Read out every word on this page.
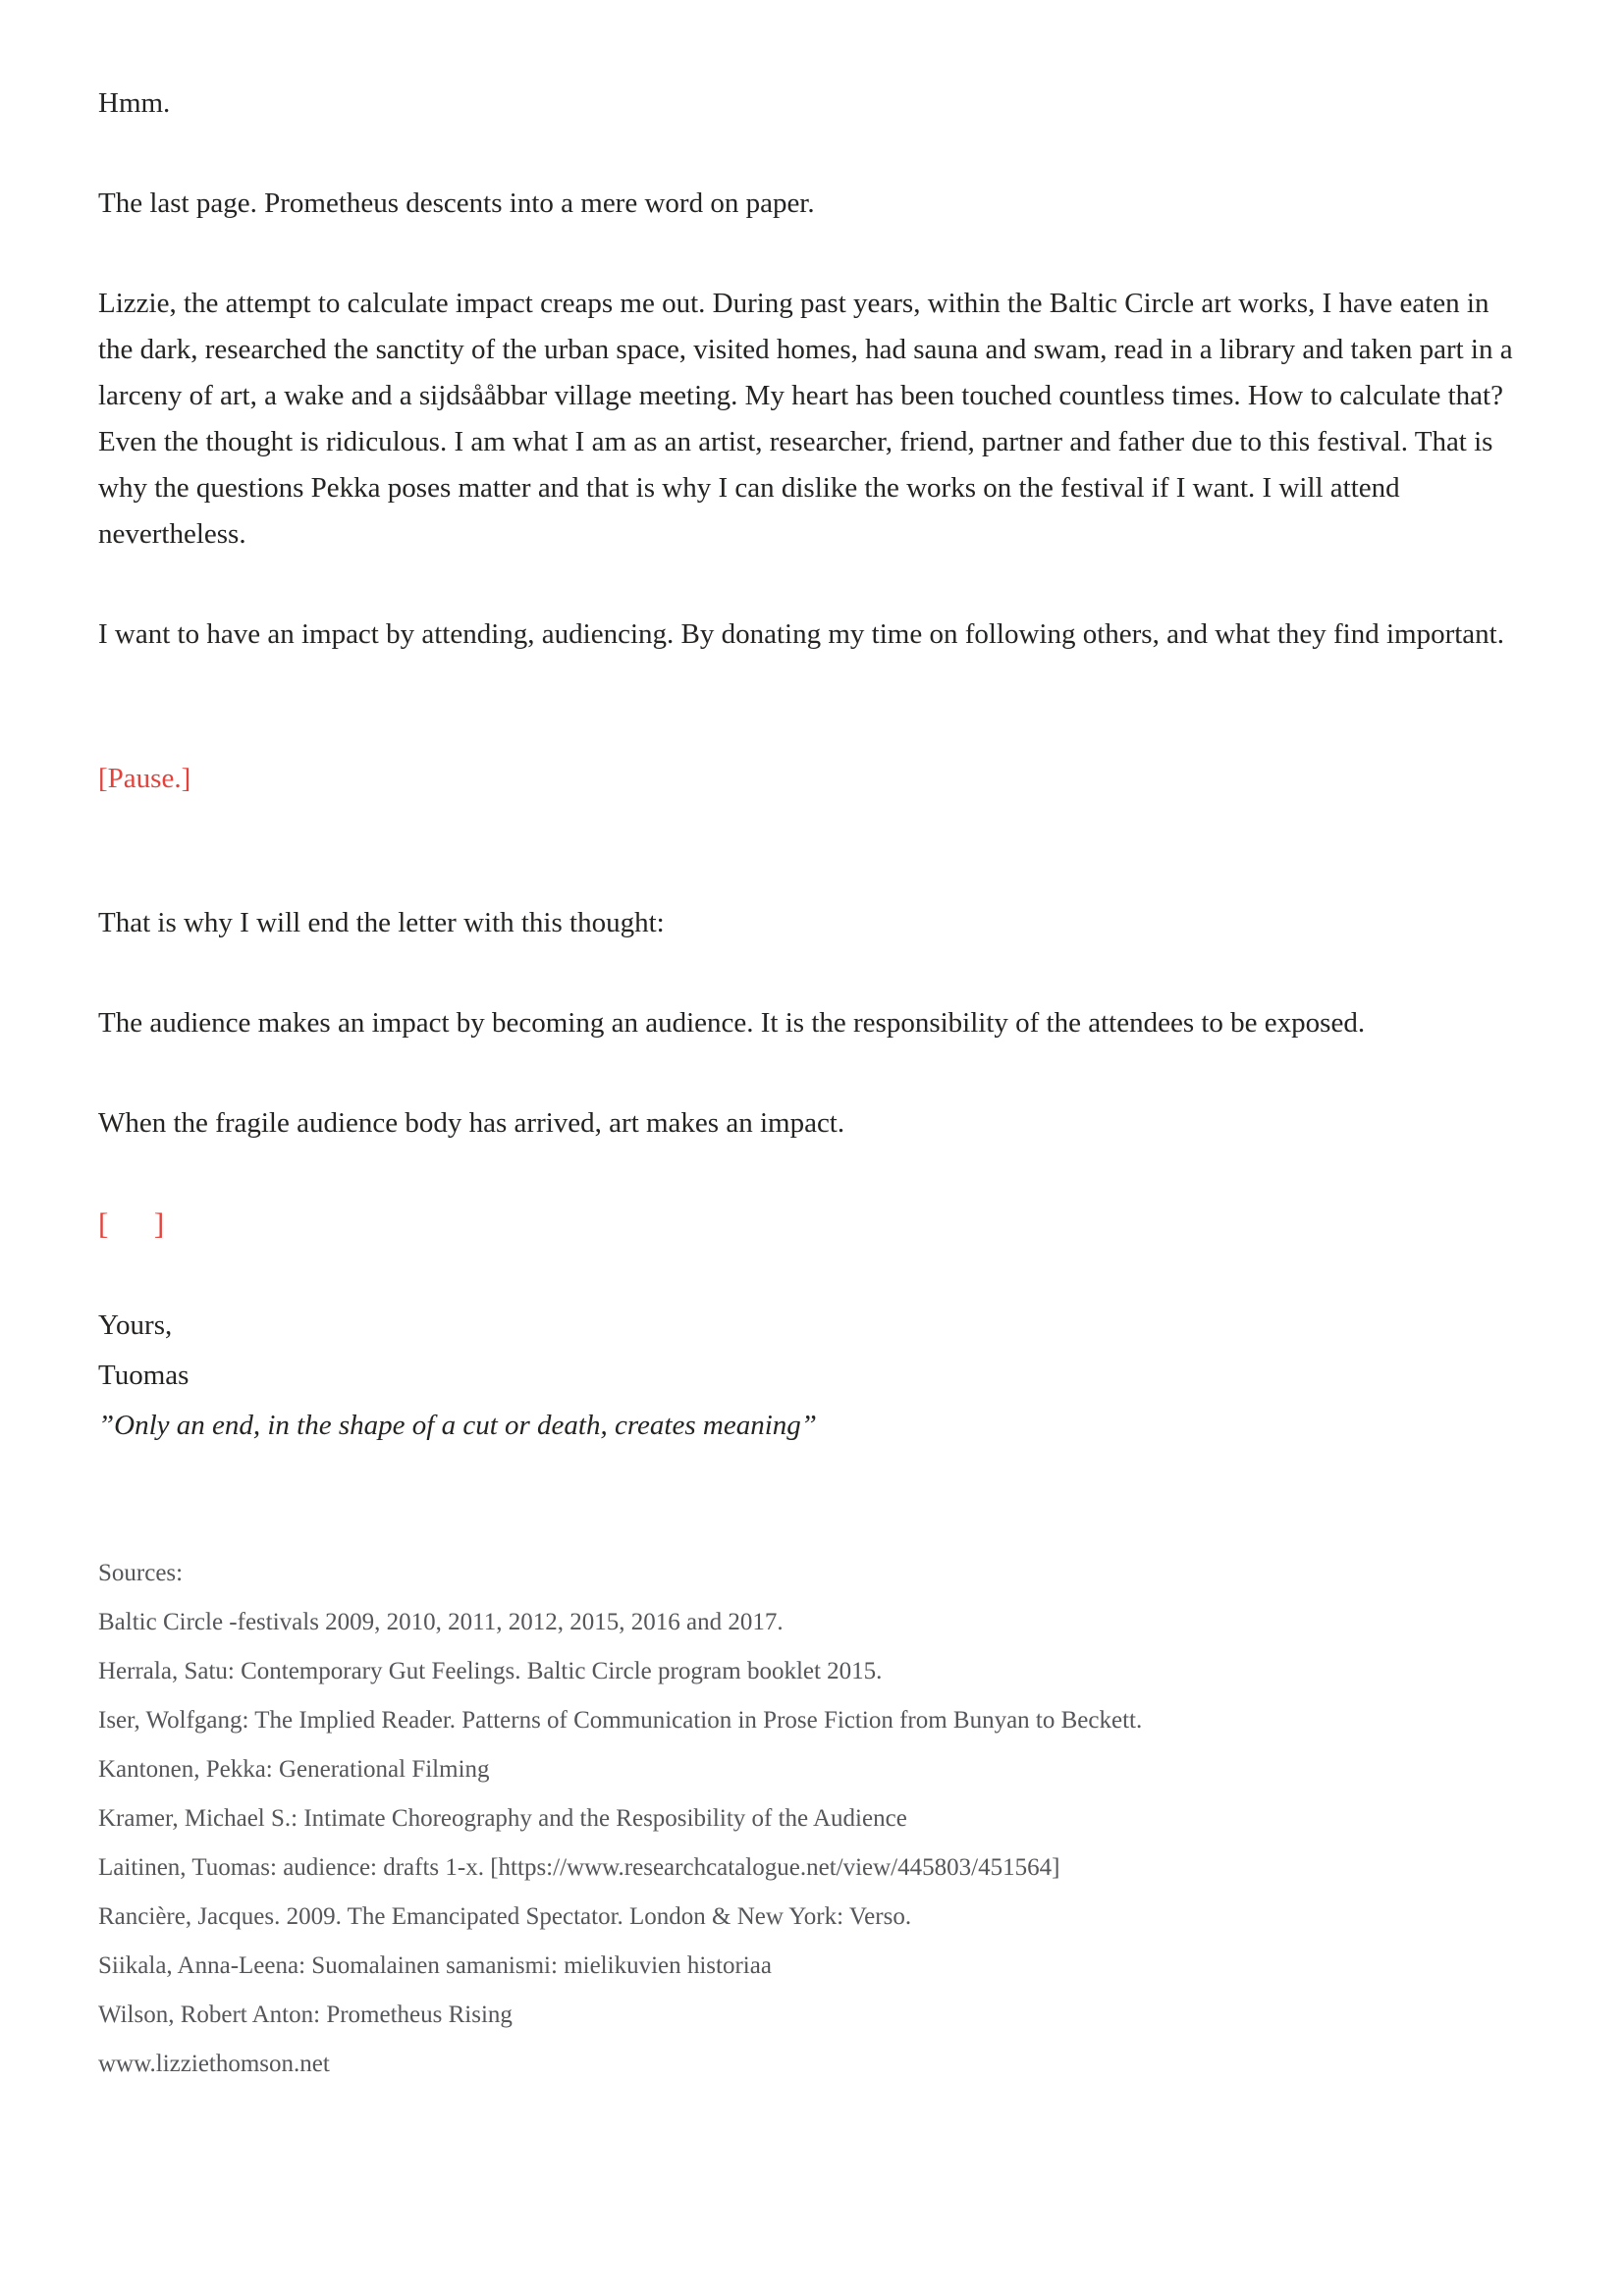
Hmm.

The last page. Prometheus descents into a mere word on paper.

Lizzie, the attempt to calculate impact creaps me out. During past years, within the Baltic Circle art works, I have eaten in the dark, researched the sanctity of the urban space, visited homes, had sauna and swam, read in a library and taken part in a larceny of art, a wake and a sijdsååbbar village meeting. My heart has been touched countless times. How to calculate that? Even the thought is ridiculous. I am what I am as an artist, researcher, friend, partner and father due to this festival. That is why the questions Pekka poses matter and that is why I can dislike the works on the festival if I want. I will attend nevertheless.

I want to have an impact by attending, audiencing. By donating my time on following others, and what they find important.

[Pause.]

That is why I will end the letter with this thought:

The audience makes an impact by becoming an audience. It is the responsibility of the attendees to be exposed.

When the fragile audience body has arrived, art makes an impact.

[      ]

Yours,
Tuomas
”Only an end, in the shape of a cut or death, creates meaning”
Sources:
Baltic Circle -festivals 2009, 2010, 2011, 2012, 2015, 2016 and 2017.
Herrala, Satu: Contemporary Gut Feelings. Baltic Circle program booklet 2015.
Iser, Wolfgang: The Implied Reader. Patterns of Communication in Prose Fiction from Bunyan to Beckett.
Kantonen, Pekka: Generational Filming
Kramer, Michael S.: Intimate Choreography and the Resposibility of the Audience
Laitinen, Tuomas: audience: drafts 1-x. [https://www.researchcatalogue.net/view/445803/451564]
Rancière, Jacques. 2009. The Emancipated Spectator. London & New York: Verso.
Siikala, Anna-Leena: Suomalainen samanismi: mielikuvien historiaa
Wilson, Robert Anton: Prometheus Rising
www.lizziethomson.net
